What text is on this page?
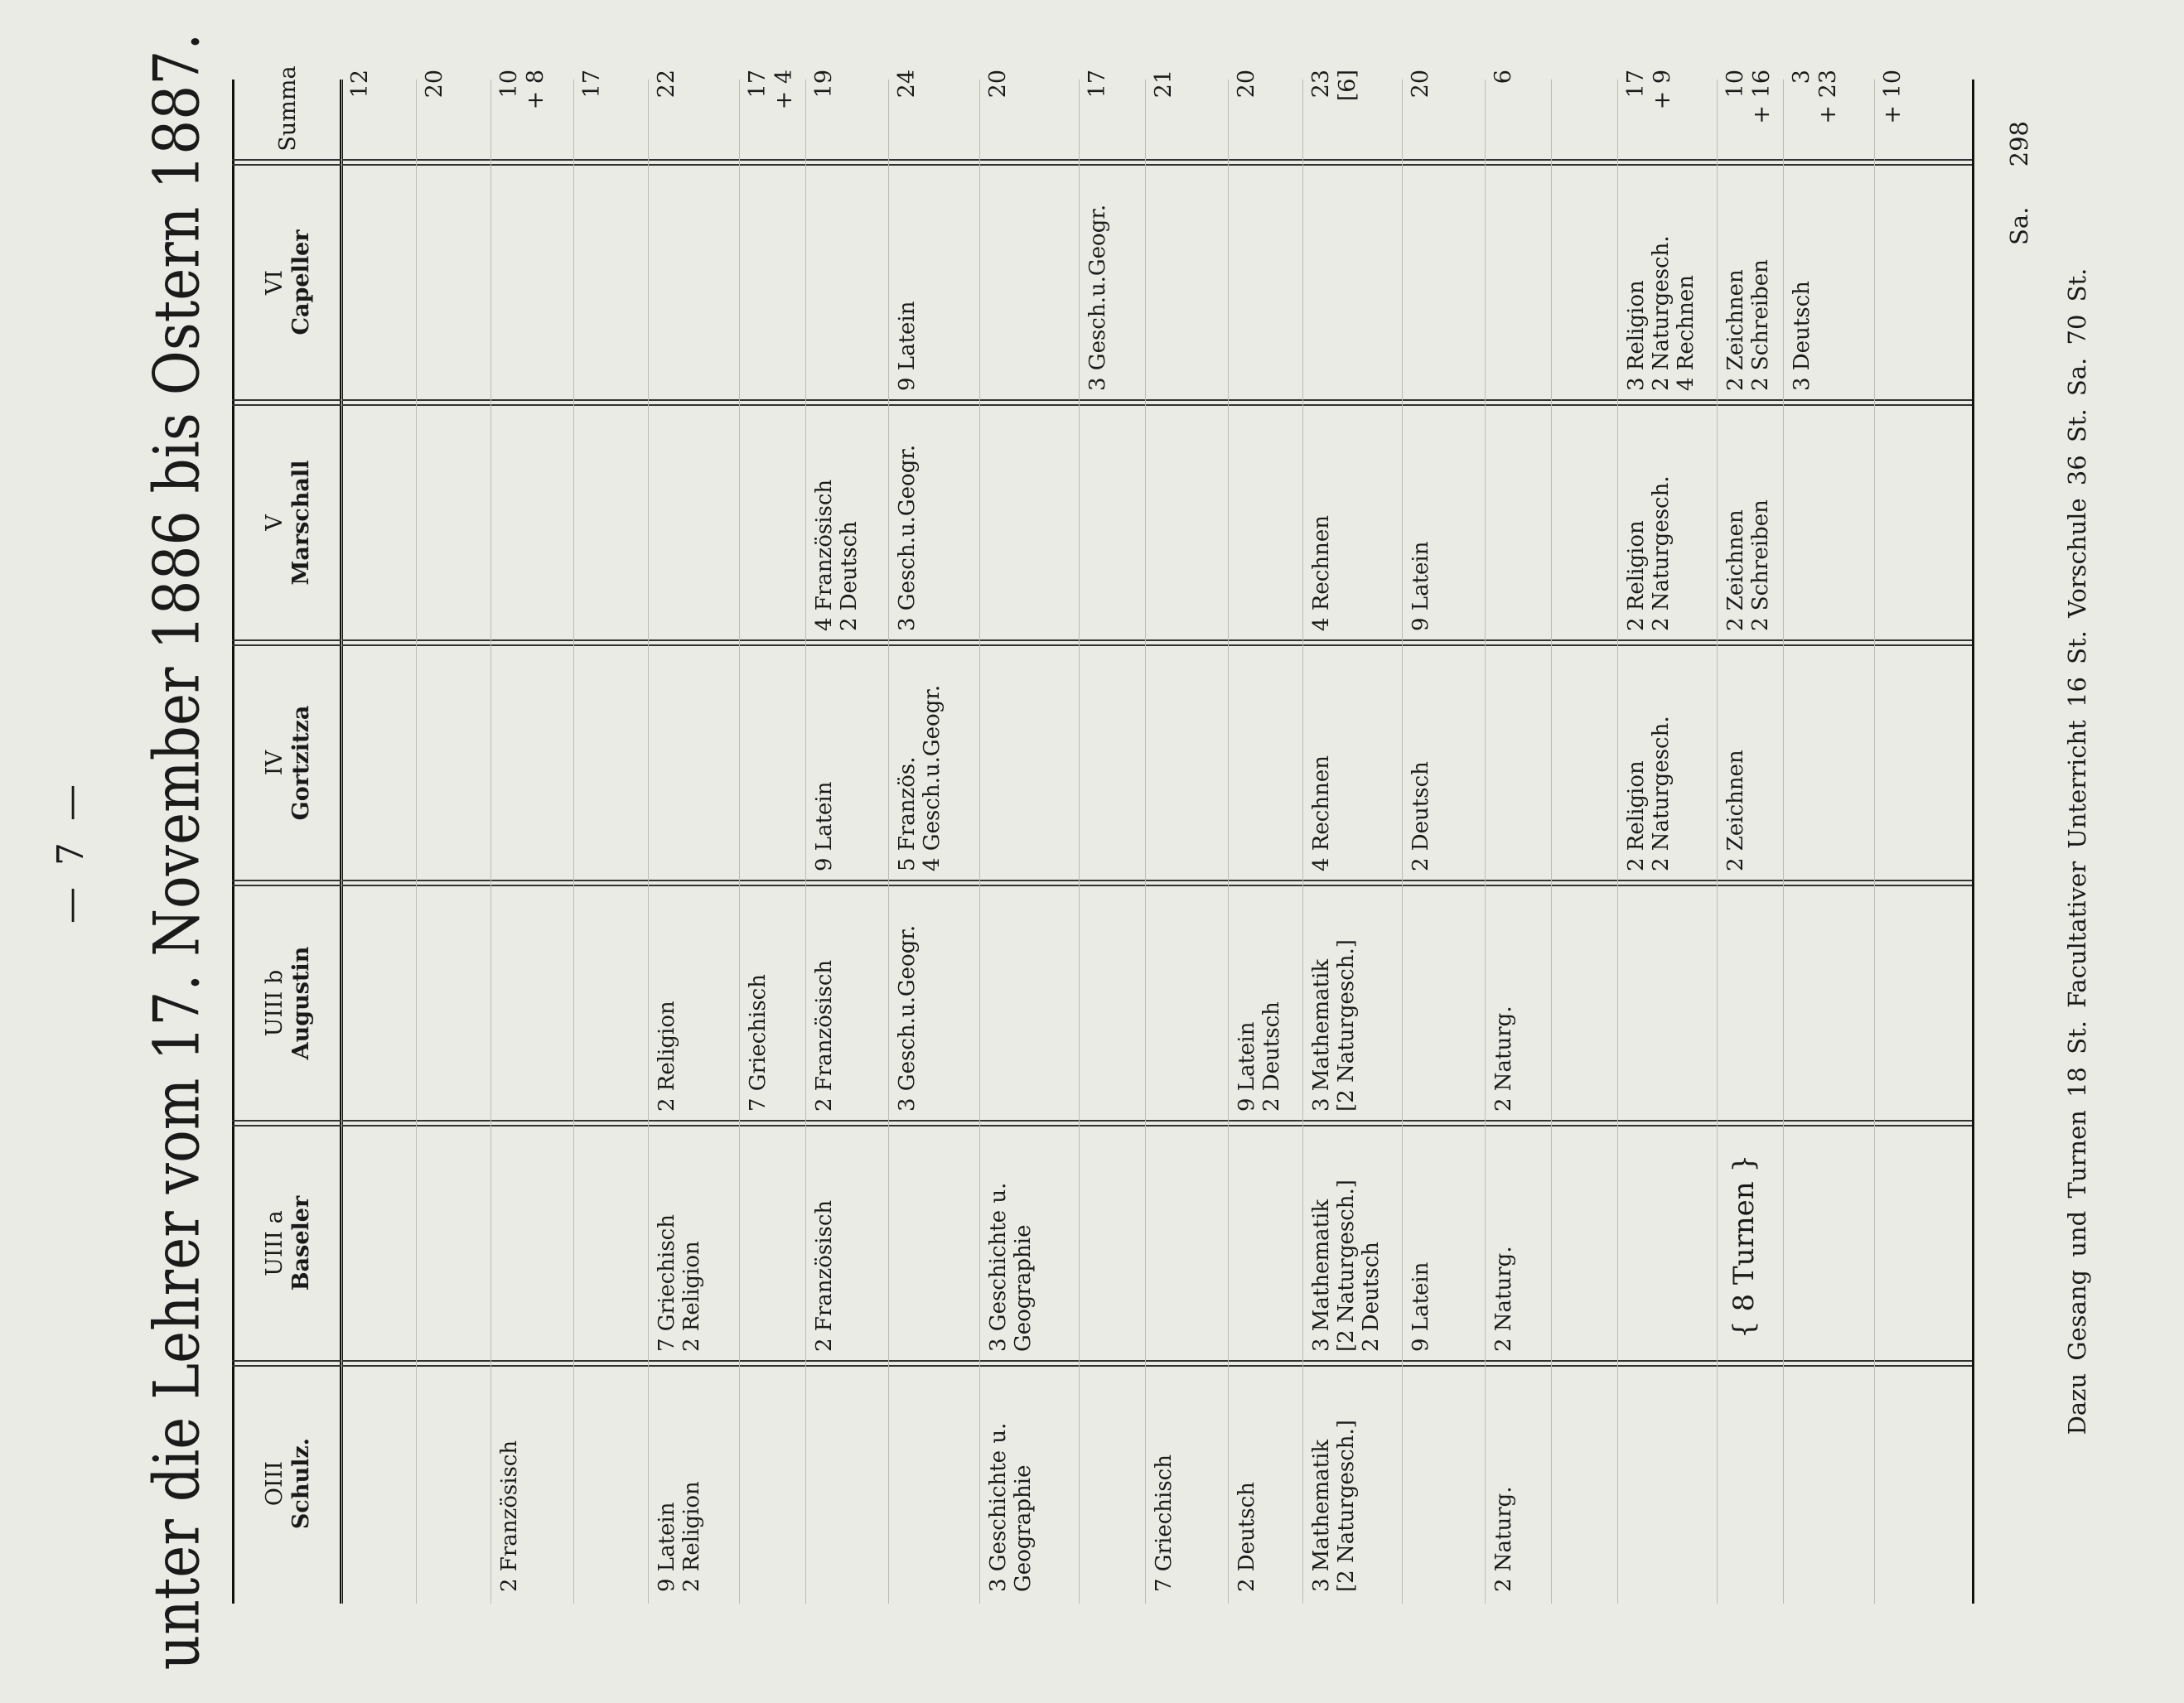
— 7 — unter die Lehrer vom 17. November 1886 bis Ostern 1887. OIII Schulz.
UIII a Baseler
UIII b Augustin
IV Gortzitza
V Marschall
VI Capeller
Summa 12 20
2 Französisch
10 + 8 17
9 Latein 2 Religion
7 Griechisch 2 Religion
2 Religion
22
7 Griechisch
17 + 4
2 Französisch
2 Französisch
9 Latein
4 Französisch 2 Deutsch
19
3 Gesch.u.Geogr.
5 Französ. 4 Gesch.u.Geogr.
3 Gesch.u.Geogr.
9 Latein
24
3 Geschichte u. Geographie
3 Geschichte u. Geographie
20
3 Gesch.u.Geogr.
17
7 Griechisch
21
2 Deutsch
9 Latein 2 Deutsch
20
3 Mathematik [2 Naturgesch.]
3 Mathematik [2 Naturgesch.] 2 Deutsch
3 Mathematik [2 Naturgesch.]
4 Rechnen
4 Rechnen
23 [6]
9 Latein
2 Deutsch
9 Latein
20
2 Naturg.
2 Naturg.
2 Naturg.
6
2 Religion 2 Naturgesch.
2 Religion 2 Naturgesch.
3 Religion 2 Naturgesch. 4 Rechnen
17 + 9
2 Zeichnen
2 Zeichnen 2 Schreiben
2 Zeichnen 2 Schreiben
10 + 16
3 Deutsch
3 + 23 + 10
{ 8 Turnen }
Sa.
298
Dazu Gesang und Turnen 18 St. Facultativer Unterricht 16 St. Vorschule 36 St. Sa. 70 St.
